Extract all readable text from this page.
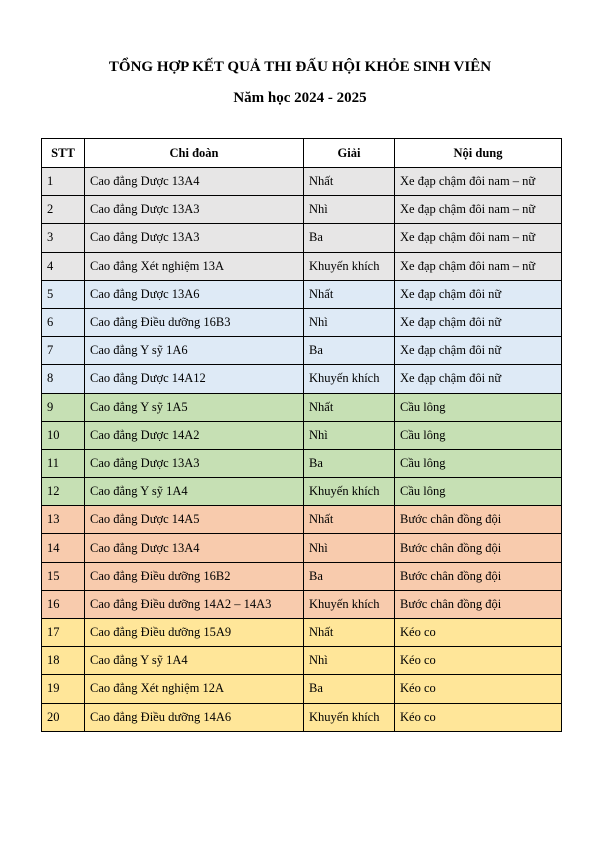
TỔNG HỢP KẾT QUẢ THI ĐẤU HỘI KHỎE SINH VIÊN
Năm học 2024 - 2025
STT	Chi đoàn	Giải	Nội dung
1	Cao đẳng Dược 13A4	Nhất	Xe đạp chậm đôi nam – nữ
2	Cao đẳng Dược 13A3	Nhì	Xe đạp chậm đôi nam – nữ
3	Cao đẳng Dược 13A3	Ba	Xe đạp chậm đôi nam – nữ
4	Cao đẳng Xét nghiệm 13A	Khuyến khích	Xe đạp chậm đôi nam – nữ
5	Cao đẳng Dược 13A6	Nhất	Xe đạp chậm đôi nữ
6	Cao đẳng Điều dưỡng 16B3	Nhì	Xe đạp chậm đôi nữ
7	Cao đẳng Y sỹ 1A6	Ba	Xe đạp chậm đôi nữ
8	Cao đẳng Dược 14A12	Khuyến khích	Xe đạp chậm đôi nữ
9	Cao đẳng Y sỹ 1A5	Nhất	Cầu lông
10	Cao đẳng Dược 14A2	Nhì	Cầu lông
11	Cao đẳng Dược 13A3	Ba	Cầu lông
12	Cao đẳng Y sỹ 1A4	Khuyến khích	Cầu lông
13	Cao đẳng Dược 14A5	Nhất	Bước chân đồng đội
14	Cao đẳng Dược 13A4	Nhì	Bước chân đồng đội
15	Cao đẳng Điều dưỡng 16B2	Ba	Bước chân đồng đội
16	Cao đẳng Điều dưỡng 14A2 – 14A3	Khuyến khích	Bước chân đồng đội
17	Cao đẳng Điều dưỡng 15A9	Nhất	Kéo co
18	Cao đẳng Y sỹ 1A4	Nhì	Kéo co
19	Cao đẳng Xét nghiệm 12A	Ba	Kéo co
20	Cao đẳng Điều dưỡng 14A6	Khuyến khích	Kéo co
